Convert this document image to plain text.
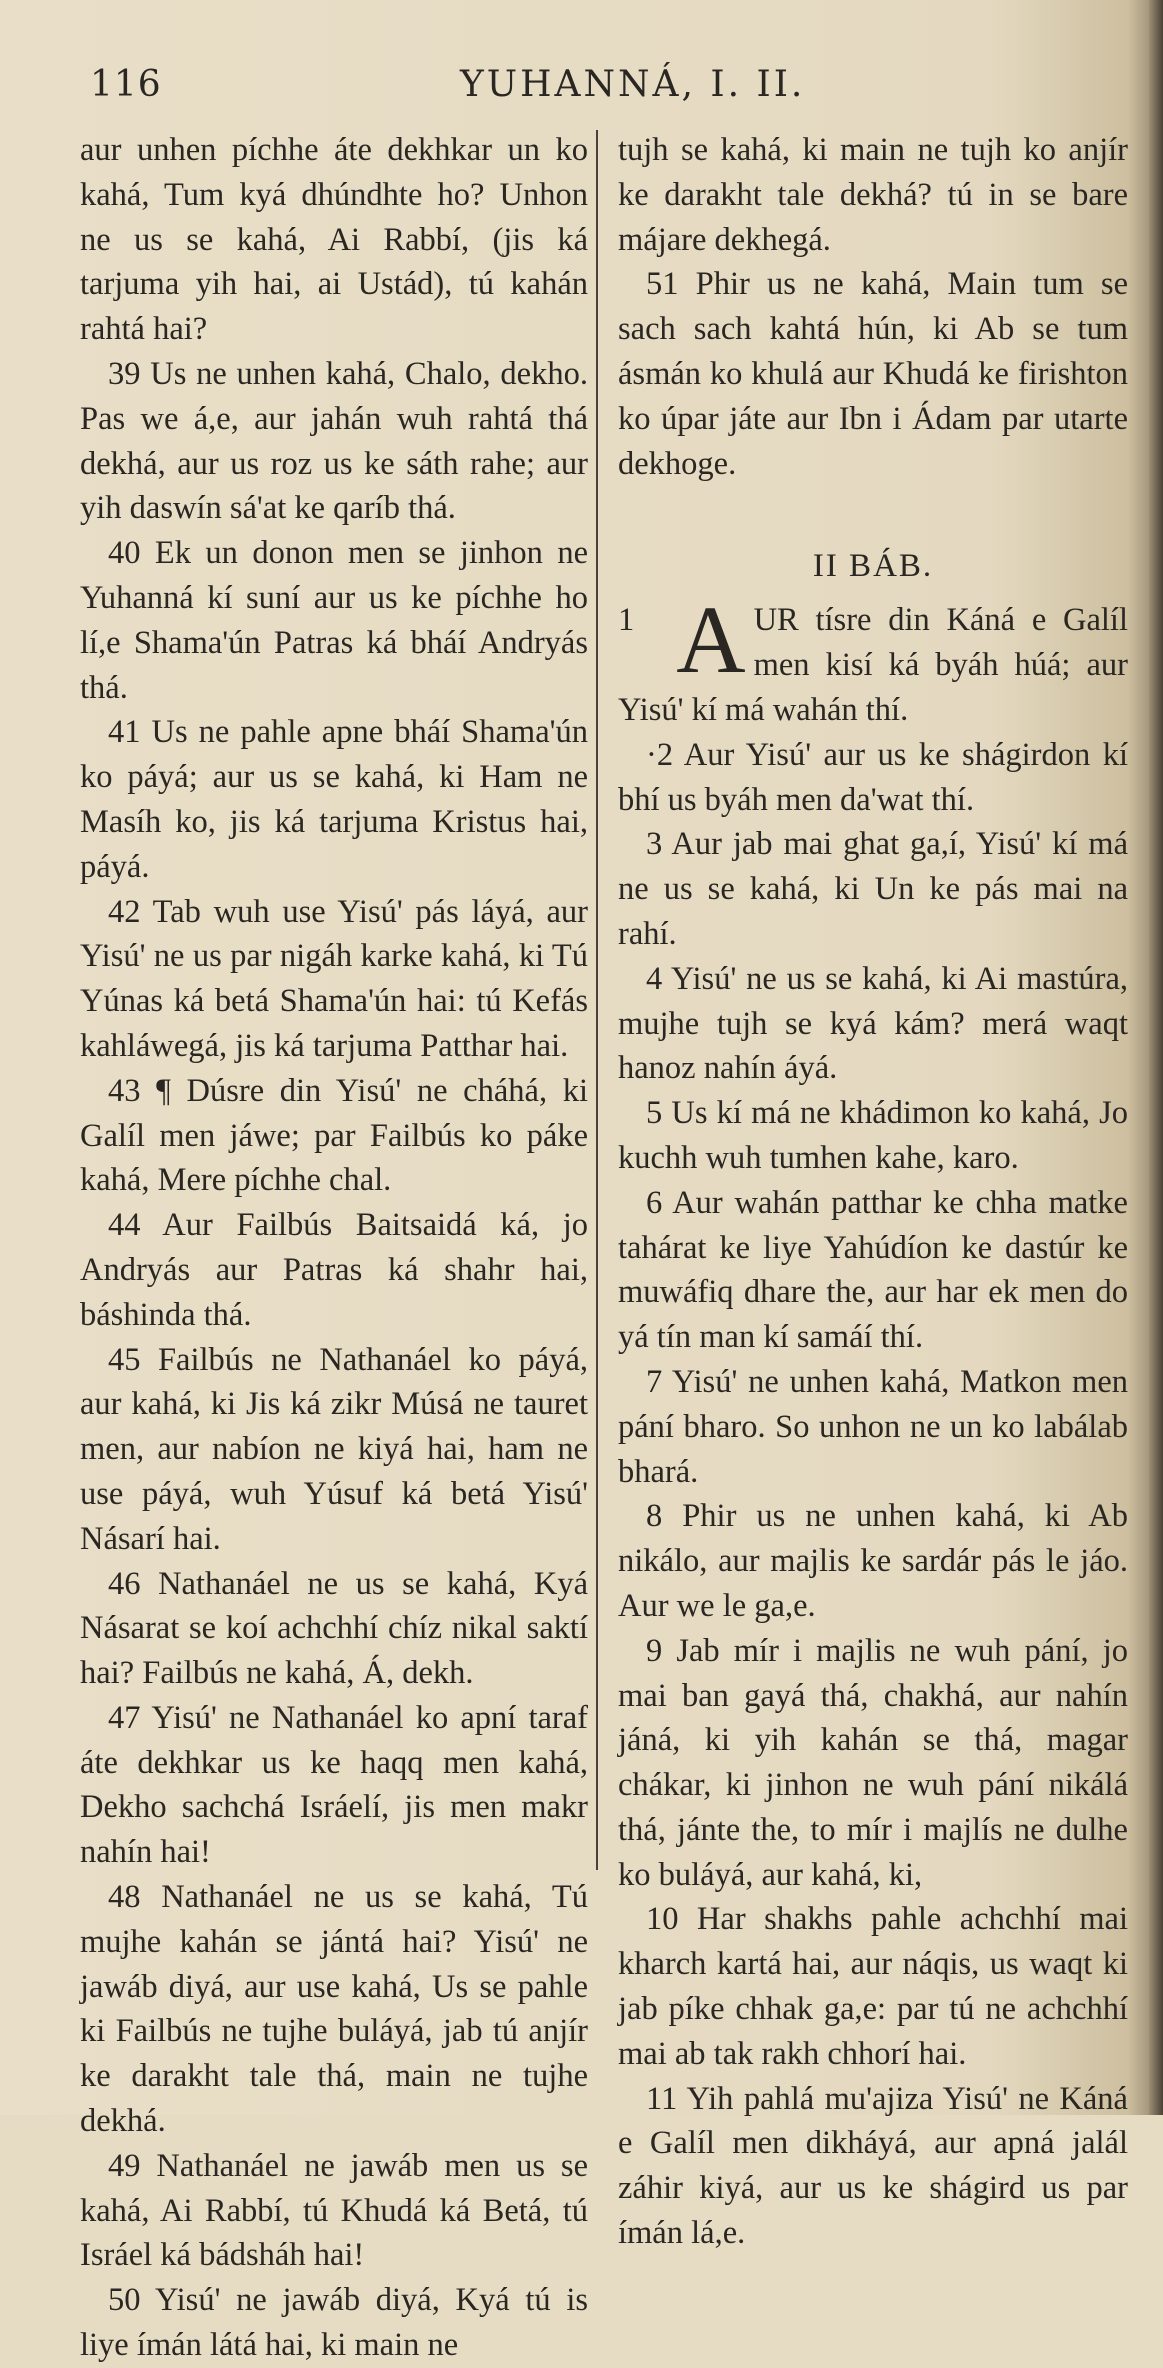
116	YUHANNÁ, I. II.

aur unhen píchhe áte dekhkar un ko kahá, Tum kyá dhúndhte ho? Unhon ne us se kahá, Ai Rabbí, (jis ká tarjuma yih hai, ai Ustád), tú kahán rahtá hai?

39 Us ne unhen kahá, Chalo, dekho. Pas we á,e, aur jahán wuh rahtá thá dekhá, aur us roz us ke sáth rahe; aur yih daswín sá'at ke qaríb thá.
40 Ek un donon men se jinhon ne Yuhanná kí suní aur us ke píchhe ho lí,e Shama'ún Patras ká bháí Andryás thá.
41 Us ne pahle apne bháí Shama'ún ko páyá; aur us se kahá, ki Ham ne Masíh ko, jis ká tarjuma Kristus hai, páyá.
42 Tab wuh use Yisú' pás láyá, aur Yisú' ne us par nigáh karke kahá, ki Tú Yúnas ká betá Shama'ún hai: tú Kefás kahláwegá, jis ká tarjuma Patthar hai.
43 ¶ Dúsre din Yisú' ne cháhá, ki Galíl men jáwe; par Failbús ko páke kahá, Mere píchhe chal.
44 Aur Failbús Baitsaidá ká, jo Andryás aur Patras ká shahr hai, báshinda thá.
45 Failbús ne Nathanáel ko páyá, aur kahá, ki Jis ká zikr Músá ne tauret men, aur nabíon ne kiyá hai, ham ne use páyá, wuh Yúsuf ká betá Yisú' Násarí hai.
46 Nathanáel ne us se kahá, Kyá Násarat se koí achchhí chíz nikal saktí hai? Failbús ne kahá, Á, dekh.
47 Yisú' ne Nathanáel ko apní taraf áte dekhkar us ke haqq men kahá, Dekho sachchá Isráelí, jis men makr nahín hai!
48 Nathanáel ne us se kahá, Tú mujhe kahán se jántá hai? Yisú' ne jawáb diyá, aur use kahá, Us se pahle ki Failbús ne tujhe buláyá, jab tú anjír ke darakht tale thá, main ne tujhe dekhá.
49 Nathanáel ne jawáb men us se kahá, Ai Rabbí, tú Khudá ká Betá, tú Isráel ká bádsháh hai!
50 Yisú' ne jawáb diyá, Kyá tú is liye ímán látá hai, ki main ne

tujh se kahá, ki main ne tujh ko anjír ke darakht tale dekhá? tú in se bare májare dekhegá.

51 Phir us ne kahá, Main tum se sach sach kahtá hún, ki Ab se tum ásmán ko khulá aur Khudá ke firishton ko úpar játe aur Ibn i Ádam par utarte dekhoge.
II BÁB.
1 A UR tísre din Káná e Galíl men kisí ká byáh húá; aur Yisú' kí má wahán thí.
·2 Aur Yisú' aur us ke shágirdon kí bhí us byáh men da'wat thí.
3 Aur jab mai ghat ga,í, Yisú' kí má ne us se kahá, ki Un ke pás mai na rahí.
4 Yisú' ne us se kahá, ki Ai mastúra, mujhe tujh se kyá kám? merá waqt hanoz nahín áyá.
5 Us kí má ne khádimon ko kahá, Jo kuchh wuh tumhen kahe, karo.
6 Aur wahán patthar ke chha matke tahárat ke liye Yahúdíon ke dastúr ke muwáfiq dhare the, aur har ek men do yá tín man kí samáí thí.
7 Yisú' ne unhen kahá, Matkon men pání bharo. So unhon ne un ko labálab bhará.
8 Phir us ne unhen kahá, ki Ab nikálo, aur majlis ke sardár pás le jáo. Aur we le ga,e.
9 Jab mír i majlis ne wuh pání, jo mai ban gayá thá, chakhá, aur nahín jáná, ki yih kahán se thá, magar chákar, ki jinhon ne wuh pání nikálá thá, jánte the, to mír i majlís ne dulhe ko buláyá, aur kahá, ki,
10 Har shakhs pahle achchhí mai kharch kartá hai, aur náqis, us waqt ki jab píke chhak ga,e: par tú ne achchhí mai ab tak rakh chhorí hai.
11 Yih pahlá mu'ajiza Yisú' ne Káná e Galíl men dikháyá, aur apná jalál záhir kiyá, aur us ke shágird us par ímán lá,e.
